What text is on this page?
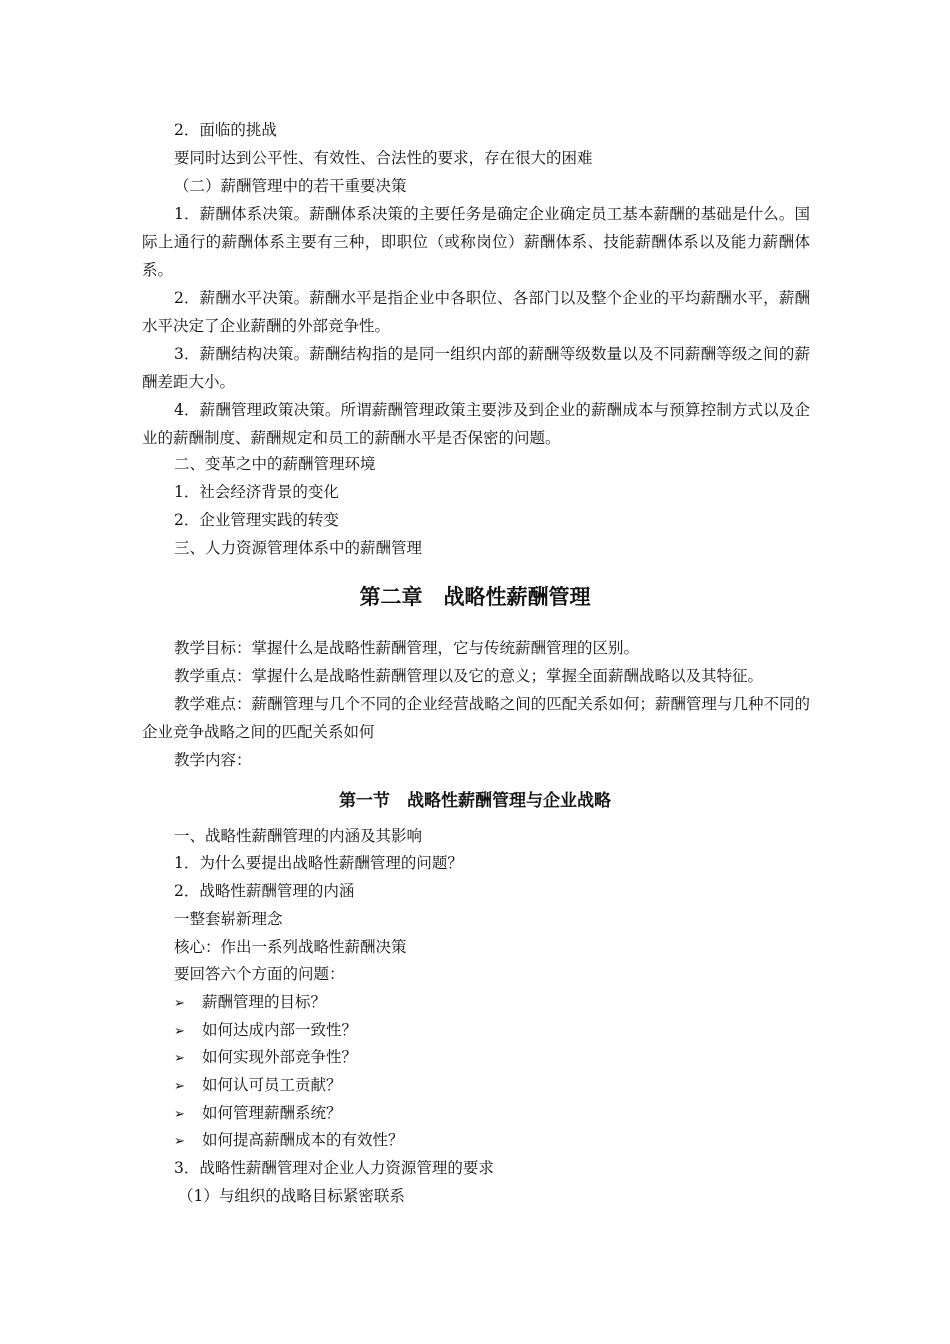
2．面临的挑战
要同时达到公平性、有效性、合法性的要求，存在很大的困难
（二）薪酬管理中的若干重要决策
1．薪酬体系决策。薪酬体系决策的主要任务是确定企业确定员工基本薪酬的基础是什么。国际上通行的薪酬体系主要有三种，即职位（或称岗位）薪酬体系、技能薪酬体系以及能力薪酬体系。
2．薪酬水平决策。薪酬水平是指企业中各职位、各部门以及整个企业的平均薪酬水平，薪酬水平决定了企业薪酬的外部竞争性。
3．薪酬结构决策。薪酬结构指的是同一组织内部的薪酬等级数量以及不同薪酬等级之间的薪酬差距大小。
4．薪酬管理政策决策。所谓薪酬管理政策主要涉及到企业的薪酬成本与预算控制方式以及企业的薪酬制度、薪酬规定和员工的薪酬水平是否保密的问题。
二、变革之中的薪酬管理环境
1．社会经济背景的变化
2．企业管理实践的转变
三、人力资源管理体系中的薪酬管理
第二章　战略性薪酬管理
教学目标：掌握什么是战略性薪酬管理，它与传统薪酬管理的区别。
教学重点：掌握什么是战略性薪酬管理以及它的意义；掌握全面薪酬战略以及其特征。
教学难点：薪酬管理与几个不同的企业经营战略之间的匹配关系如何；薪酬管理与几种不同的企业竞争战略之间的匹配关系如何
教学内容：
第一节　战略性薪酬管理与企业战略
一、战略性薪酬管理的内涵及其影响
1．为什么要提出战略性薪酬管理的问题？
2．战略性薪酬管理的内涵
一整套崭新理念
核心：作出一系列战略性薪酬决策
要回答六个方面的问题：
➢ 薪酬管理的目标？
➢ 如何达成内部一致性？
➢ 如何实现外部竞争性？
➢ 如何认可员工贡献？
➢ 如何管理薪酬系统？
➢ 如何提高薪酬成本的有效性？
3．战略性薪酬管理对企业人力资源管理的要求
（1）与组织的战略目标紧密联系
